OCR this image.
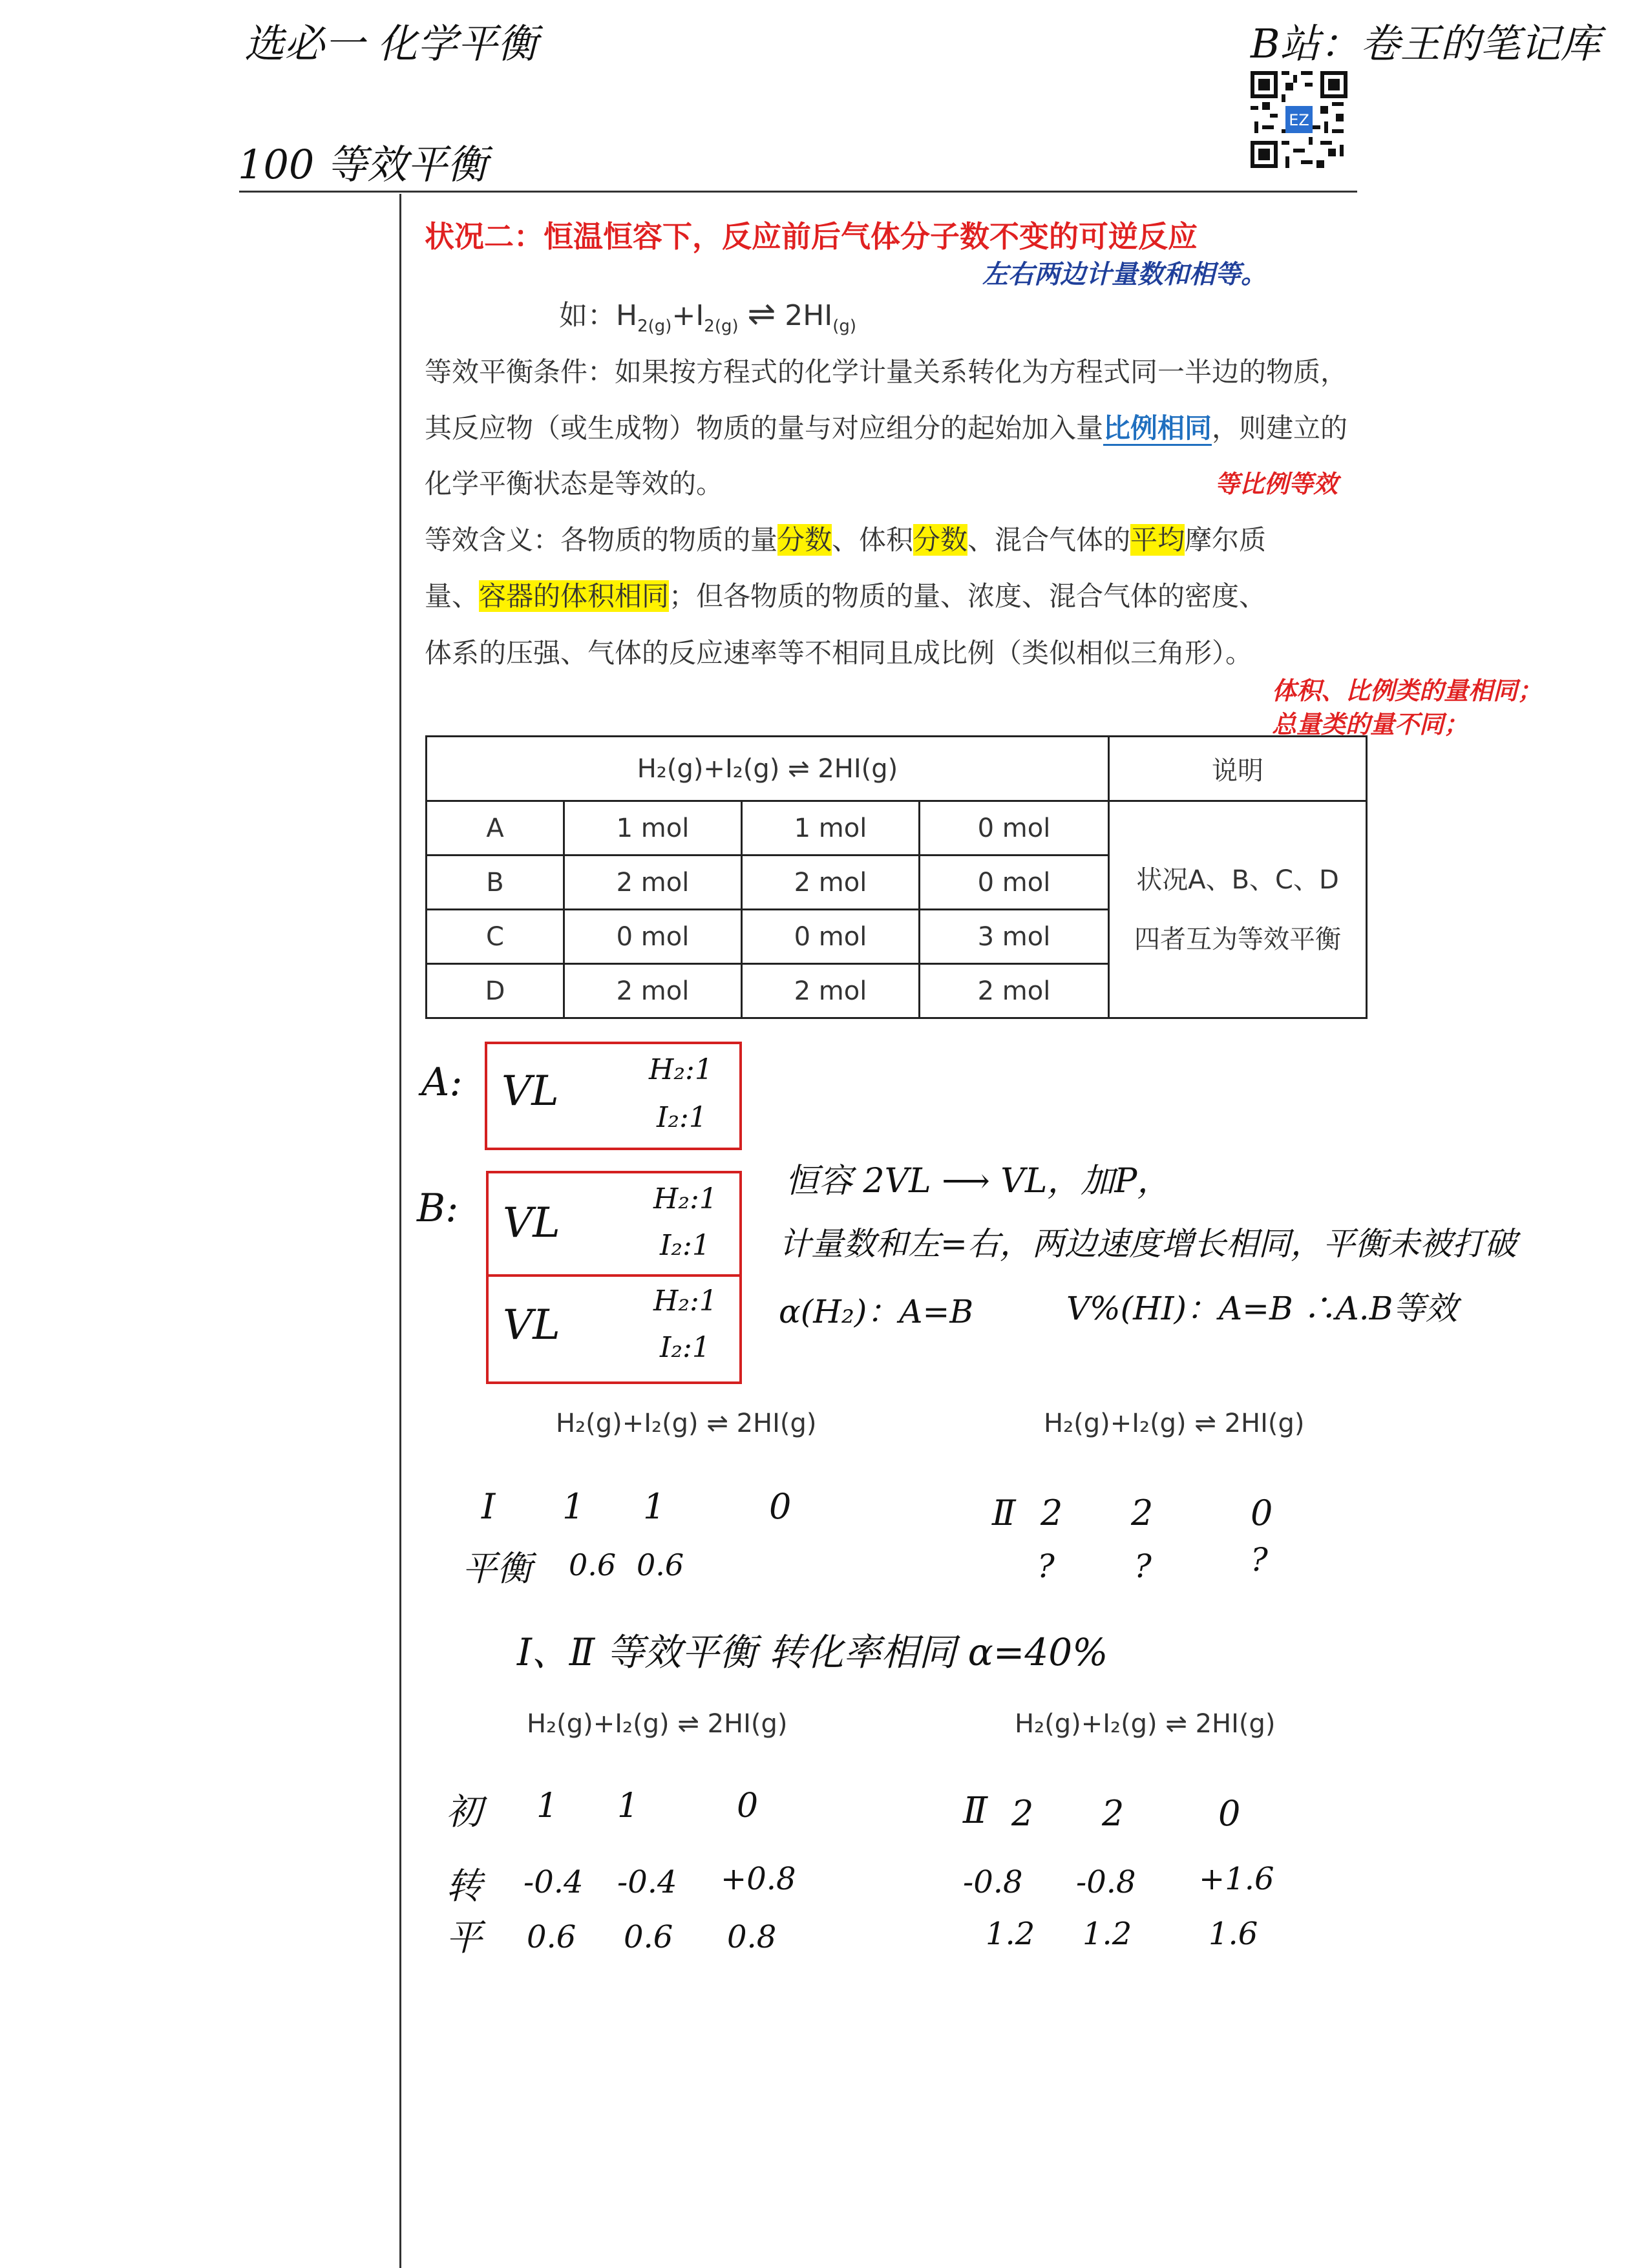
选必一 化学平衡	B站：卷王的笔记库
100 等效平衡
EZ
状况二：恒温恒容下，反应前后气体分子数不变的可逆反应
左右两边计量数和相等。
如：$H_{2(g)}+I_{2(g)}$ ⇌ $2HI_{(g)}$
等效平衡条件：如果按方程式的化学计量关系转化为方程式同一半边的物质，
其反应物（或生成物）物质的量与对应组分的起始加入量比例相同，则建立的
化学平衡状态是等效的。	等比例等效
等效含义：各物质的物质的量分数、体积分数、混合气体的平均摩尔质
量、容器的体积相同；但各物质的物质的量、浓度、混合气体的密度、
体系的压强、气体的反应速率等不相同且成比例（类似相似三角形）。
体积、比例类的量相同；
总量类的量不同；
H₂(g)+I₂(g) ⇌ 2HI(g)				说明
A	1 mol	1 mol	0 mol	状况A、B、C、D
四者互为等效平衡

B	2 mol	2 mol	0 mol	
C	0 mol	0 mol	3 mol	
D	2 mol	2 mol	2 mol	
A: VL	H₂:1
I₂:1
B: VL
H₂:1
I₂:1
VL
H₂:1
I₂:1
恒容 2VL ⟶ VL，加P，
计量数和左=右，两边速度增长相同，平衡未被打破
α(H₂)：A=B	V%(HI)：A=B ∴A.B等效
H₂(g)+I₂(g) ⇌ 2HI(g)	H₂(g)+I₂(g) ⇌ 2HI(g)
Ⅰ 1 1	0
平衡 0.6 0.6
Ⅱ 2 2	0
? ?	?
Ⅰ、Ⅱ 等效平衡 转化率相同 α=40%
H₂(g)+I₂(g) ⇌ 2HI(g)	H₂(g)+I₂(g) ⇌ 2HI(g)
初 1 1	0
转 -0.4 -0.4 +0.8
平 0.6 0.6 0.8
Ⅱ 2 2	0
-0.8 -0.8 +1.6
1.2 1.2 1.6
